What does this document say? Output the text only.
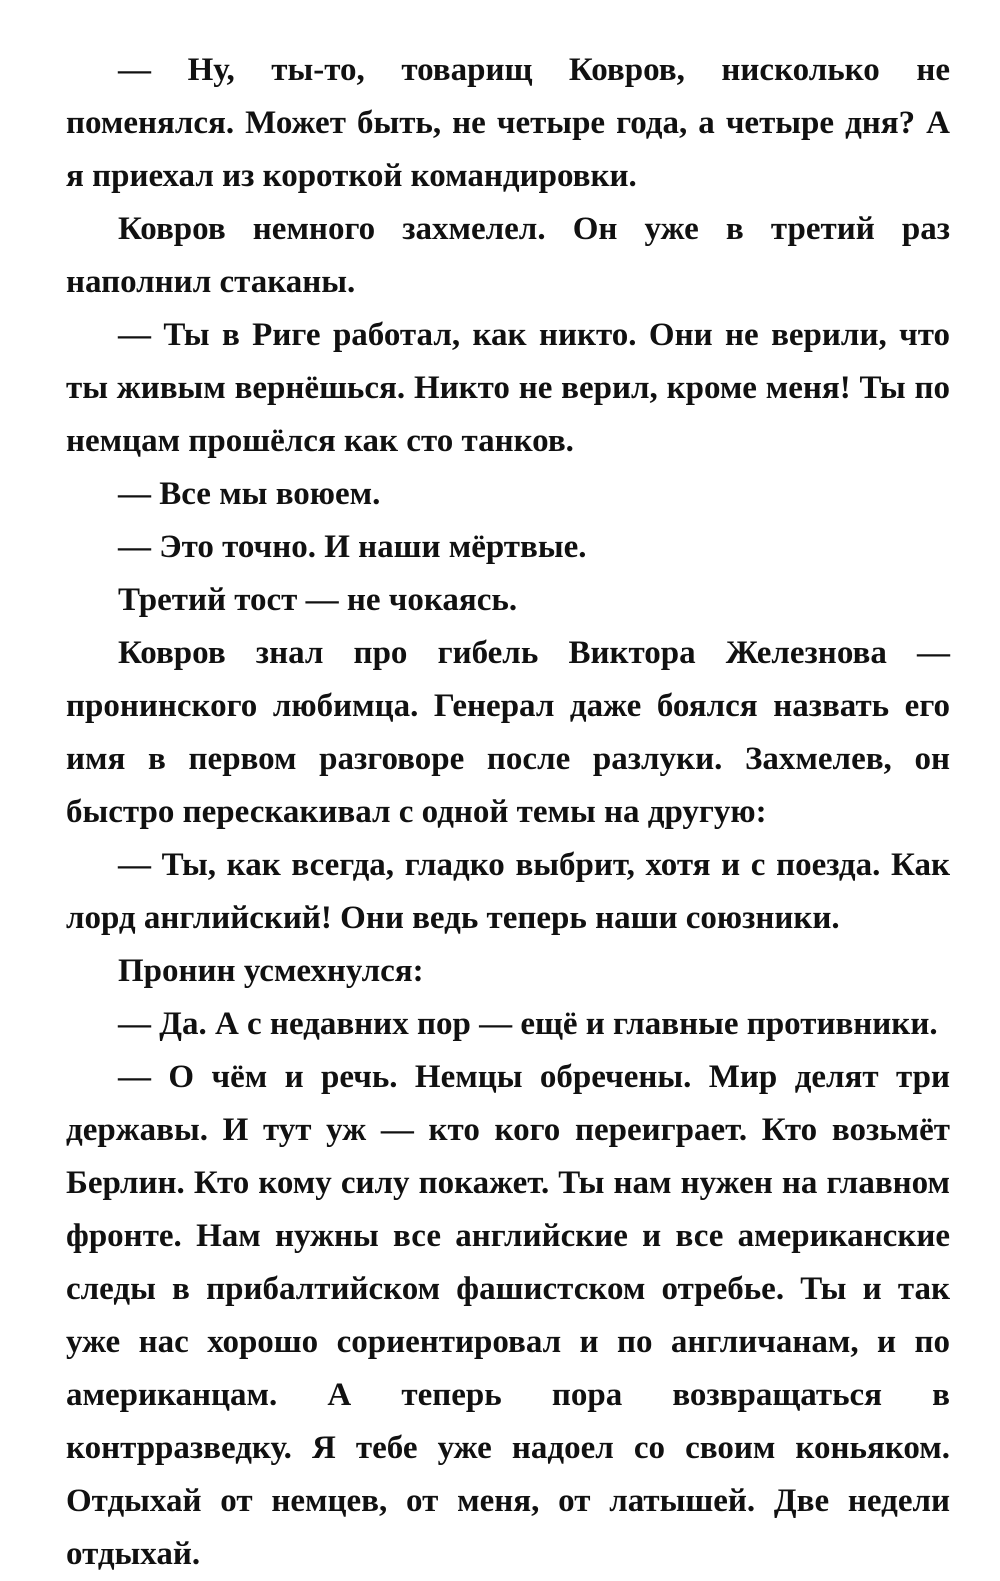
— Ну, ты-то, товарищ Ковров, нисколько не поменялся. Может быть, не четыре года, а четыре дня? А я приехал из короткой командировки.

Ковров немного захмелел. Он уже в третий раз наполнил стаканы.

— Ты в Риге работал, как никто. Они не верили, что ты живым вернёшься. Никто не верил, кроме меня! Ты по немцам прошёлся как сто танков.

— Все мы воюем.

— Это точно. И наши мёртвые.

Третий тост — не чокаясь.

Ковров знал про гибель Виктора Железнова — пронинского любимца. Генерал даже боялся назвать его имя в первом разговоре после разлуки. Захмелев, он быстро перескакивал с одной темы на другую:

— Ты, как всегда, гладко выбрит, хотя и с поезда. Как лорд английский! Они ведь теперь наши союзники.

Пронин усмехнулся:

— Да. А с недавних пор — ещё и главные противники.

— О чём и речь. Немцы обречены. Мир делят три державы. И тут уж — кто кого переиграет. Кто возьмёт Берлин. Кто кому силу покажет. Ты нам нужен на главном фронте. Нам нужны все английские и все американские следы в прибалтийском фашистском отребье. Ты и так уже нас хорошо сориентировал и по англичанам, и по американцам. А теперь пора возвращаться в контрразведку. Я тебе уже надоел со своим коньяком. Отдыхай от немцев, от меня, от латышей. Две недели отдыхай.
